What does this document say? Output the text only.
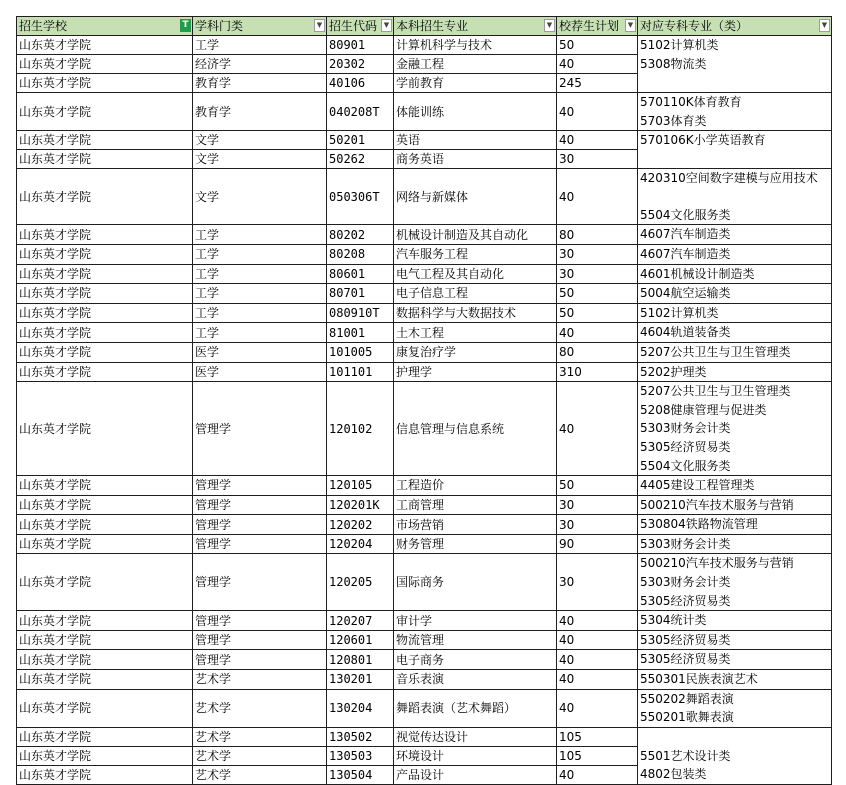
招生学校 T	学科门类 ▼	招生代码 ▼	本科招生专业 ▼	校荐生计划 ▼	对应专科专业（类） ▼

山东英才学院	工学	80901	计算机科学与技术	50	5102计算机类
5308物流类

山东英才学院	经济学	20302	金融工程	40	
山东英才学院	教育学	40106	学前教育	245	
山东英才学院	教育学	040208T	体能训练	40	570110K体育教育
5703体育类

山东英才学院	文学	50201	英语	40	570106K小学英语教育

山东英才学院	文学	50262	商务英语	30	
山东英才学院	文学	050306T	网络与新媒体	40	420310空间数字建模与应用技术
5504文化服务类

山东英才学院	工学	80202	机械设计制造及其自动化	80	4607汽车制造类

山东英才学院	工学	80208	汽车服务工程	30	4607汽车制造类

山东英才学院	工学	80601	电气工程及其自动化	30	4601机械设计制造类

山东英才学院	工学	80701	电子信息工程	50	5004航空运输类

山东英才学院	工学	080910T	数据科学与大数据技术	50	5102计算机类

山东英才学院	工学	81001	土木工程	40	4604轨道装备类

山东英才学院	医学	101005	康复治疗学	80	5207公共卫生与卫生管理类

山东英才学院	医学	101101	护理学	310	5202护理类

山东英才学院	管理学	120102	信息管理与信息系统	40	5207公共卫生与卫生管理类
5208健康管理与促进类
5303财务会计类
5305经济贸易类
5504文化服务类

山东英才学院	管理学	120105	工程造价	50	4405建设工程管理类

山东英才学院	管理学	120201K	工商管理	30	500210汽车技术服务与营销

山东英才学院	管理学	120202	市场营销	30	530804铁路物流管理

山东英才学院	管理学	120204	财务管理	90	5303财务会计类

山东英才学院	管理学	120205	国际商务	30	500210汽车技术服务与营销
5303财务会计类
5305经济贸易类

山东英才学院	管理学	120207	审计学	40	5304统计类

山东英才学院	管理学	120601	物流管理	40	5305经济贸易类

山东英才学院	管理学	120801	电子商务	40	5305经济贸易类

山东英才学院	艺术学	130201	音乐表演	40	550301民族表演艺术

山东英才学院	艺术学	130204	舞蹈表演（艺术舞蹈）	40	550202舞蹈表演
550201歌舞表演

山东英才学院	艺术学	130502	视觉传达设计	105	5501艺术设计类
4802包装类

山东英才学院	艺术学	130503	环境设计	105	
山东英才学院	艺术学	130504	产品设计	40	
